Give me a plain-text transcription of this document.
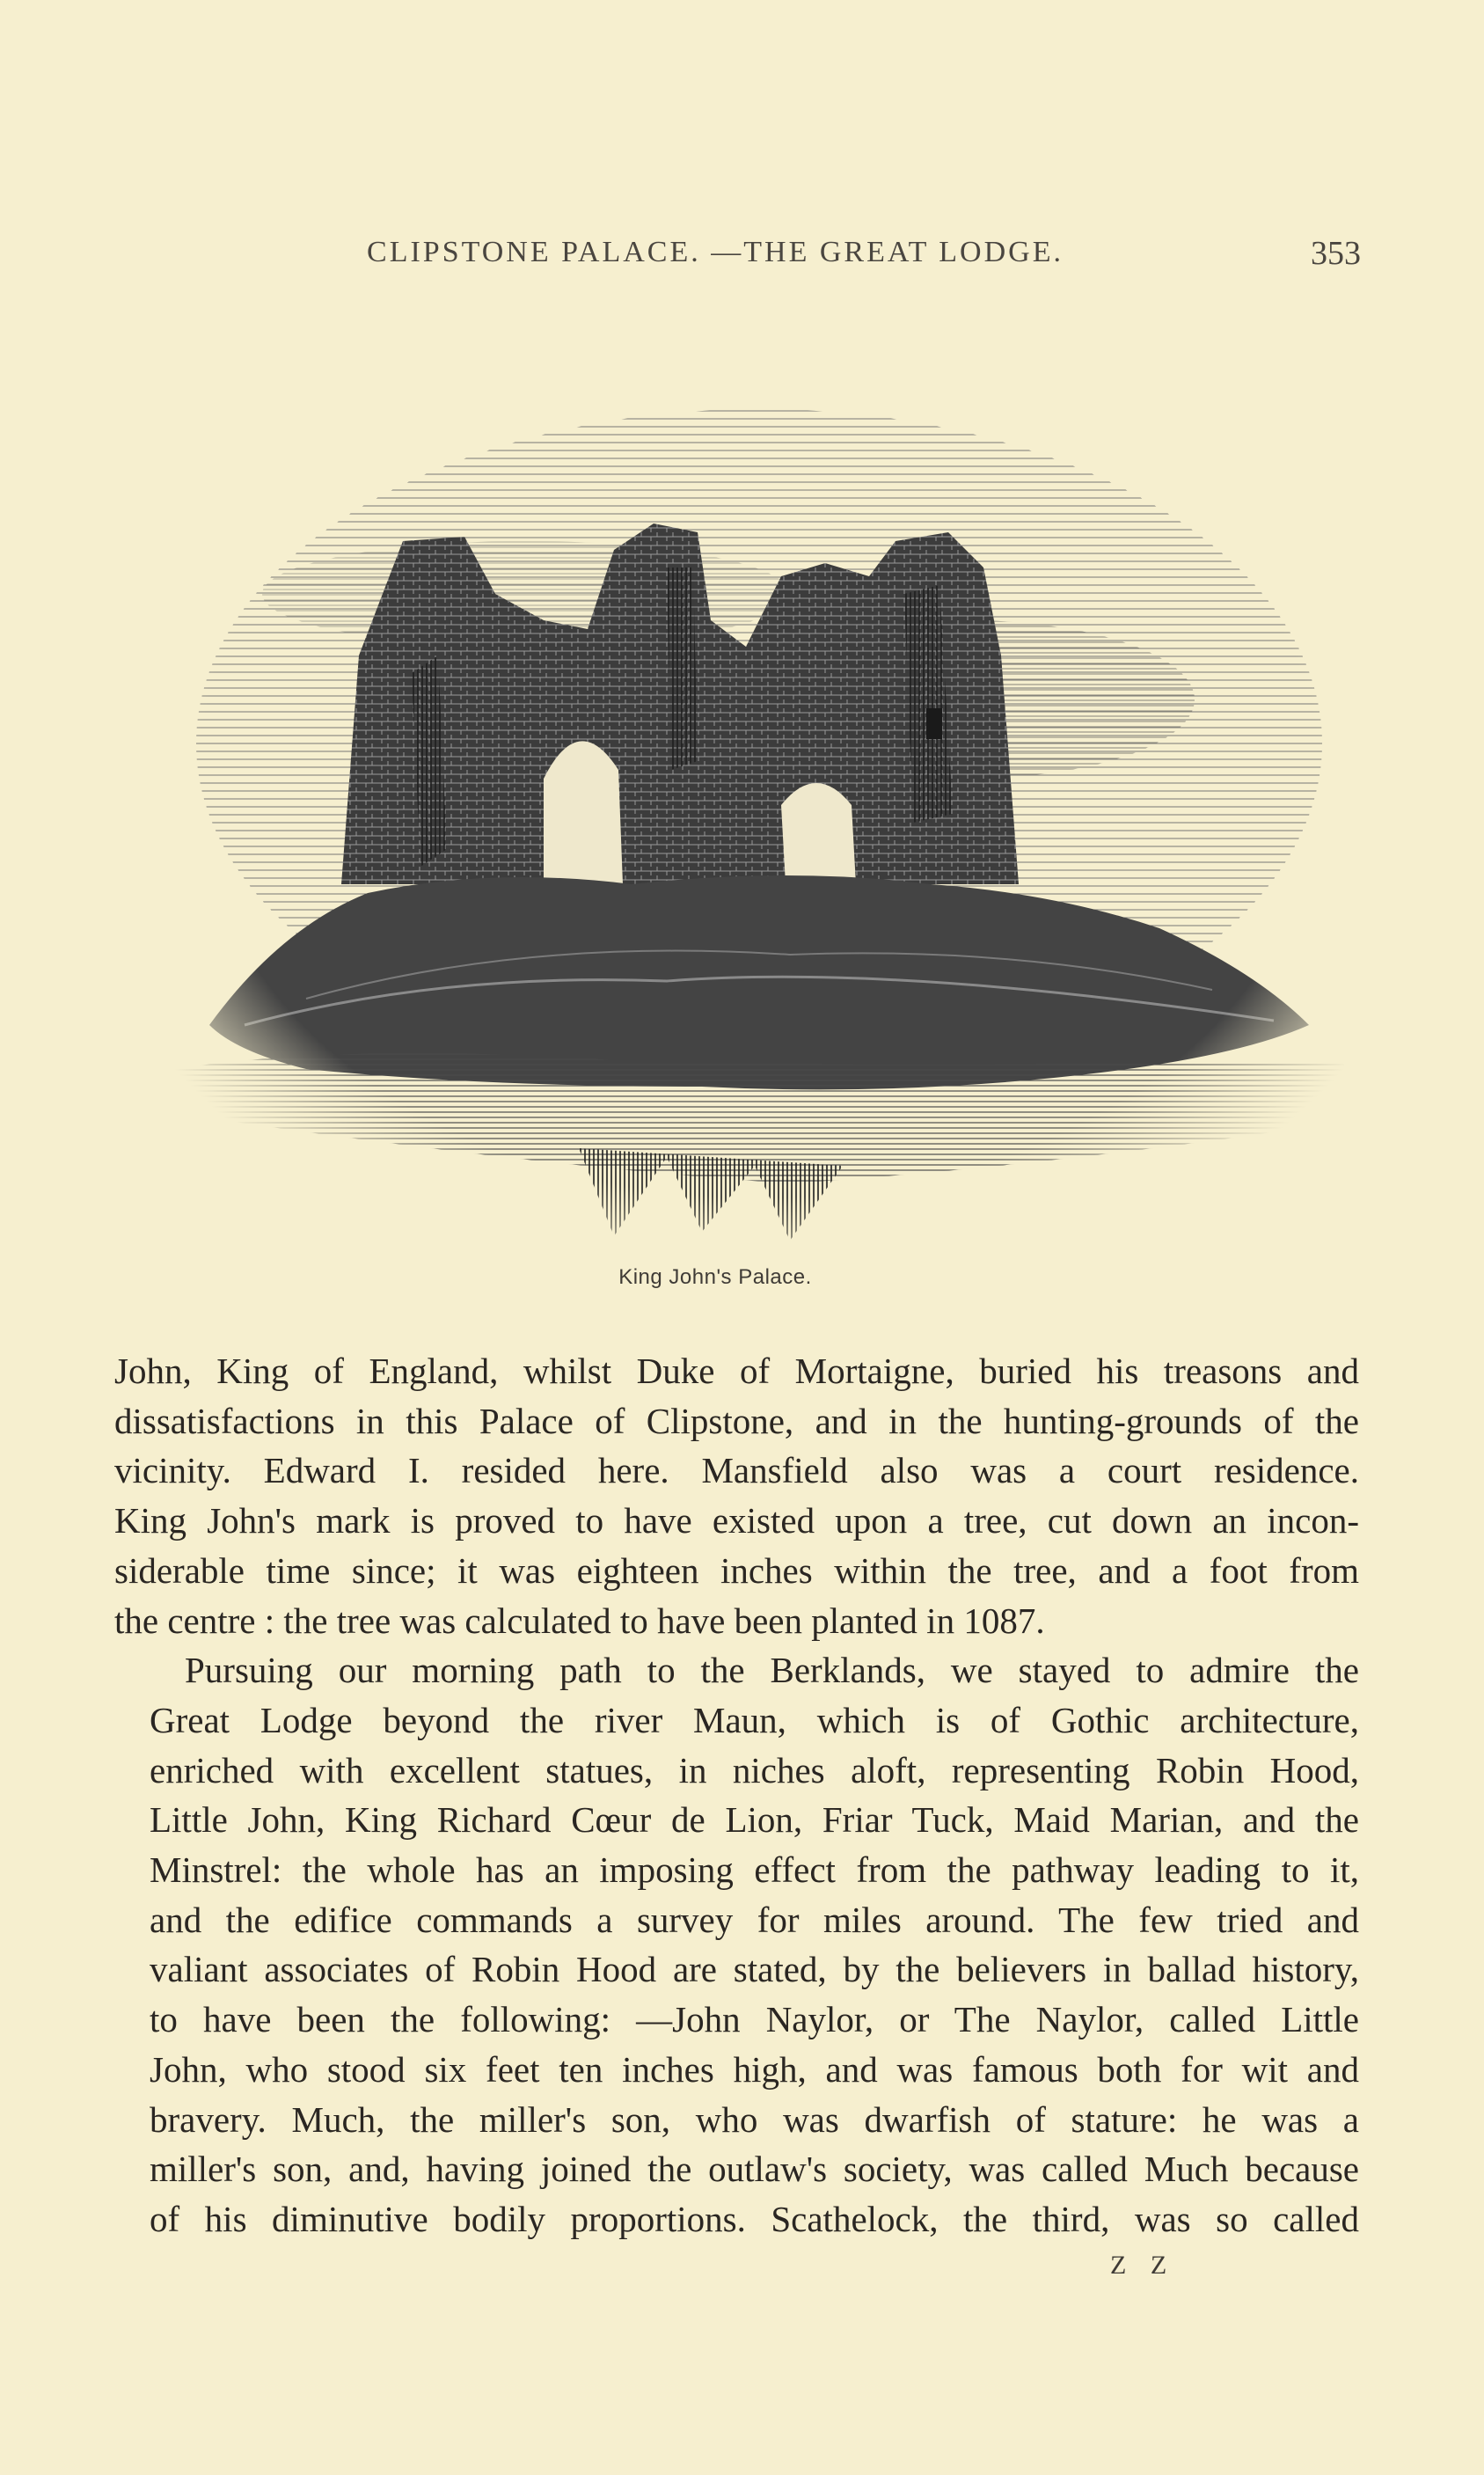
CLIPSTONE PALACE. —THE GREAT LODGE.	353
King John's Palace.

John, King of England, whilst Duke of Mortaigne, buried his treasons and
dissatisfactions in this Palace of Clipstone, and in the hunting-grounds of the
vicinity. Edward I. resided here. Mansfield also was a court residence.
King John's mark is proved to have existed upon a tree, cut down an incon-
siderable time since; it was eighteen inches within the tree, and a foot from
the centre : the tree was calculated to have been planted in 1087.

Pursuing our morning path to the Berklands, we stayed to admire the
Great Lodge beyond the river Maun, which is of Gothic architecture,
enriched with excellent statues, in niches aloft, representing Robin Hood,
Little John, King Richard Cœur de Lion, Friar Tuck, Maid Marian, and the
Minstrel: the whole has an imposing effect from the pathway leading to it,
and the edifice commands a survey for miles around. The few tried and
valiant associates of Robin Hood are stated, by the believers in ballad history,
to have been the following: —John Naylor, or The Naylor, called Little
John, who stood six feet ten inches high, and was famous both for wit and
bravery. Much, the miller's son, who was dwarfish of stature: he was a
miller's son, and, having joined the outlaw's society, was called Much because
of his diminutive bodily proportions. Scathelock, the third, was so called

Z Z
